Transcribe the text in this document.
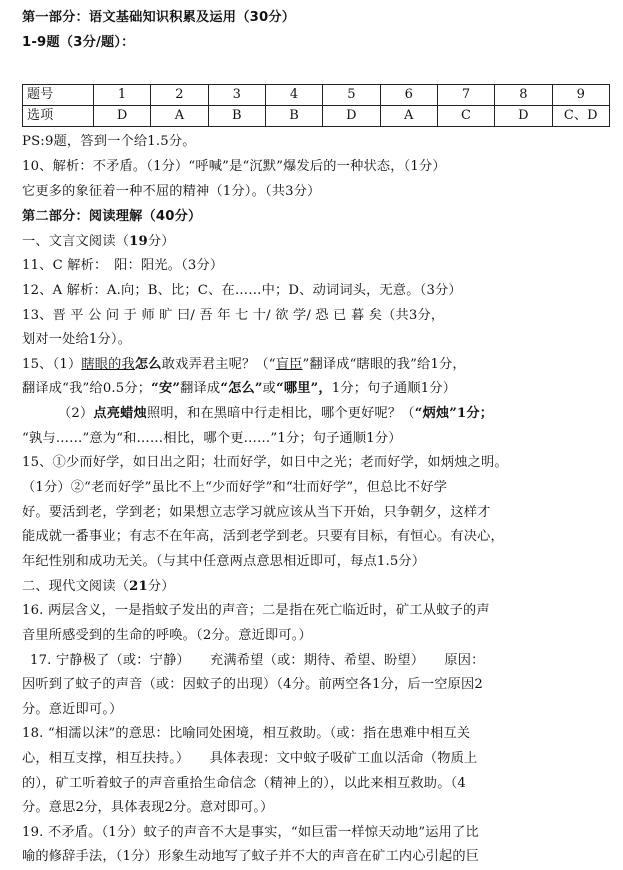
第一部分：语文基础知识积累及运用（30分）
1-9题（3分/题）：
题号	1	2	3	4	5	6	7	8	9
选项	D	A	B	B	D	A	C	D	C、D
PS:9题，答到一个给1.5分。
10、解析：不矛盾。（1分）“呼喊”是“沉默”爆发后的一种状态，（1分）
它更多的象征着一种不屈的精神（1分）。（共3分）
第二部分：阅读理解（40分）
一、文言文阅读（19分）
11、C 解析：　阳：阳光。（3分）
12、A 解析：A.向；B、比；C、在……中；D、动词词头，无意。（3分）
13、晋 平 公 问 于 师 旷 曰/ 吾 年 七 十/ 欲 学/ 恐 已 暮 矣（共3分，
划对一处给1分）。
15、（1）瞎眼的我怎么敢戏弄君主呢？（“盲臣”翻译成“瞎眼的我”给1分，
翻译成“我”给0.5分；“安”翻译成“怎么”或“哪里”，1分；句子通顺1分）
（2）点亮蜡烛照明，和在黑暗中行走相比，哪个更好呢？（“炳烛”1分；
“孰与……”意为“和……相比，哪个更……”1分；句子通顺1分）
15、①少而好学，如日出之阳；壮而好学，如日中之光；老而好学，如炳烛之明。
（1分）②“老而好学”虽比不上“少而好学”和“壮而好学”，但总比不好学
好。要活到老，学到老；如果想立志学习就应该从当下开始，只争朝夕，这样才
能成就一番事业；有志不在年高，活到老学到老。只要有目标，有恒心。有决心，
年纪性别和成功无关。（与其中任意两点意思相近即可，每点1.5分）
二、现代文阅读（21分）
16. 两层含义，一是指蚊子发出的声音；二是指在死亡临近时，矿工从蚊子的声
音里所感受到的生命的呼唤。（2分。意近即可。）
17. 宁静极了（或：宁静）　　充满希望（或：期待、希望、盼望）　　原因：
因听到了蚊子的声音（或：因蚊子的出现）（4分。前两空各1分，后一空原因2
分。意近即可。）
18. “相濡以沫”的意思：比喻同处困境，相互救助。（或：指在患难中相互关
心，相互支撑，相互扶持。）　　具体表现：文中蚊子吸矿工血以活命（物质上
的），矿工听着蚊子的声音重拾生命信念（精神上的），以此来相互救助。（4
分。意思2分，具体表现2分。意对即可。）
19. 不矛盾。（1分）蚊子的声音不大是事实，“如巨雷一样惊天动地”运用了比
喻的修辞手法，（1分）形象生动地写了蚊子并不大的声音在矿工内心引起的巨
